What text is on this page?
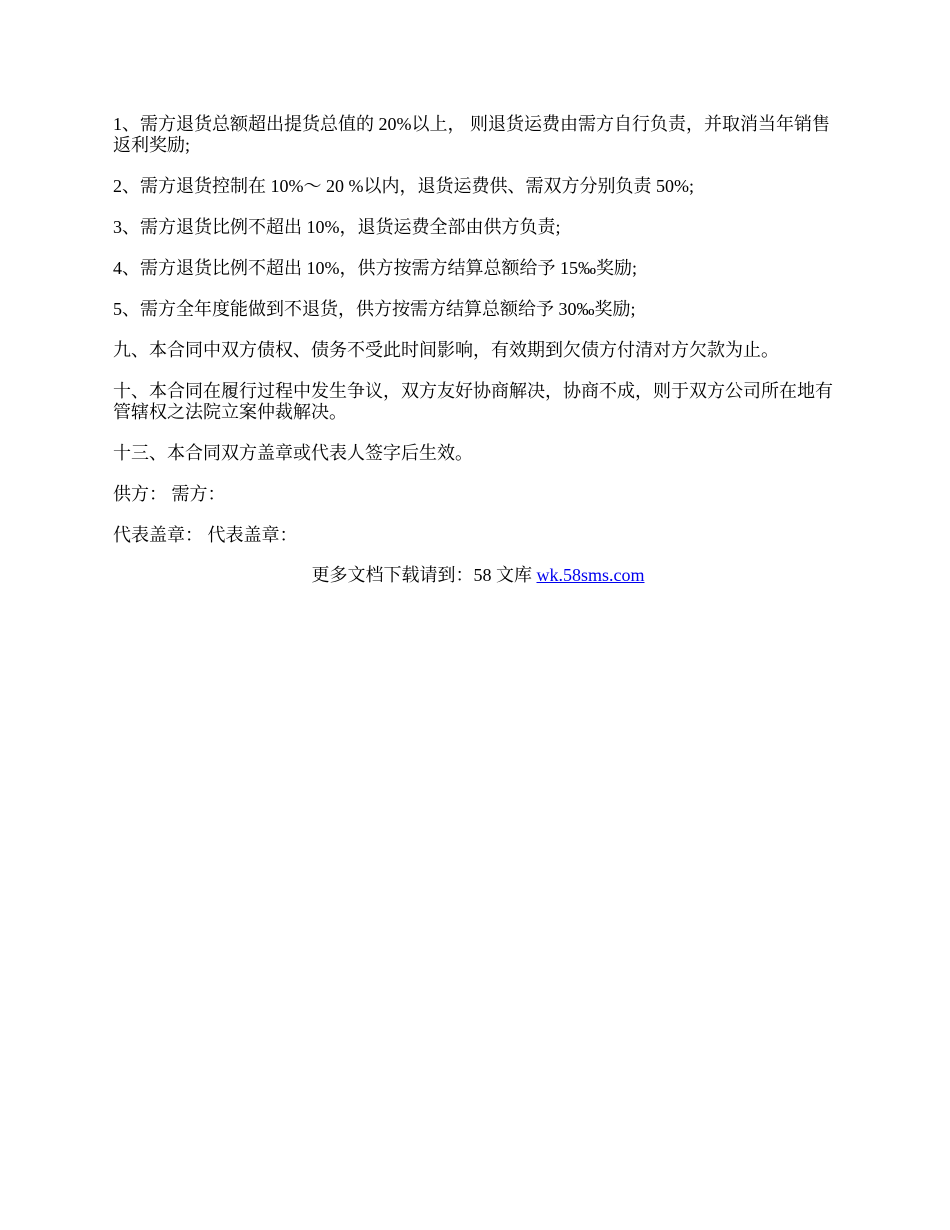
1、需方退货总额超出提货总值的 20%以上， 则退货运费由需方自行负责，并取消当年销售返利奖励;

2、需方退货控制在 10%～ 20 %以内，退货运费供、需双方分别负责 50%;

3、需方退货比例不超出 10%，退货运费全部由供方负责;

4、需方退货比例不超出 10%，供方按需方结算总额给予 15‰奖励;

5、需方全年度能做到不退货，供方按需方结算总额给予 30‰奖励;

九、本合同中双方债权、债务不受此时间影响，有效期到欠债方付清对方欠款为止。

十、本合同在履行过程中发生争议，双方友好协商解决，协商不成，则于双方公司所在地有管辖权之法院立案仲裁解决。

十三、本合同双方盖章或代表人签字后生效。

供方： 需方：

代表盖章： 代表盖章：

更多文档下载请到：58 文库 wk.58sms.com
